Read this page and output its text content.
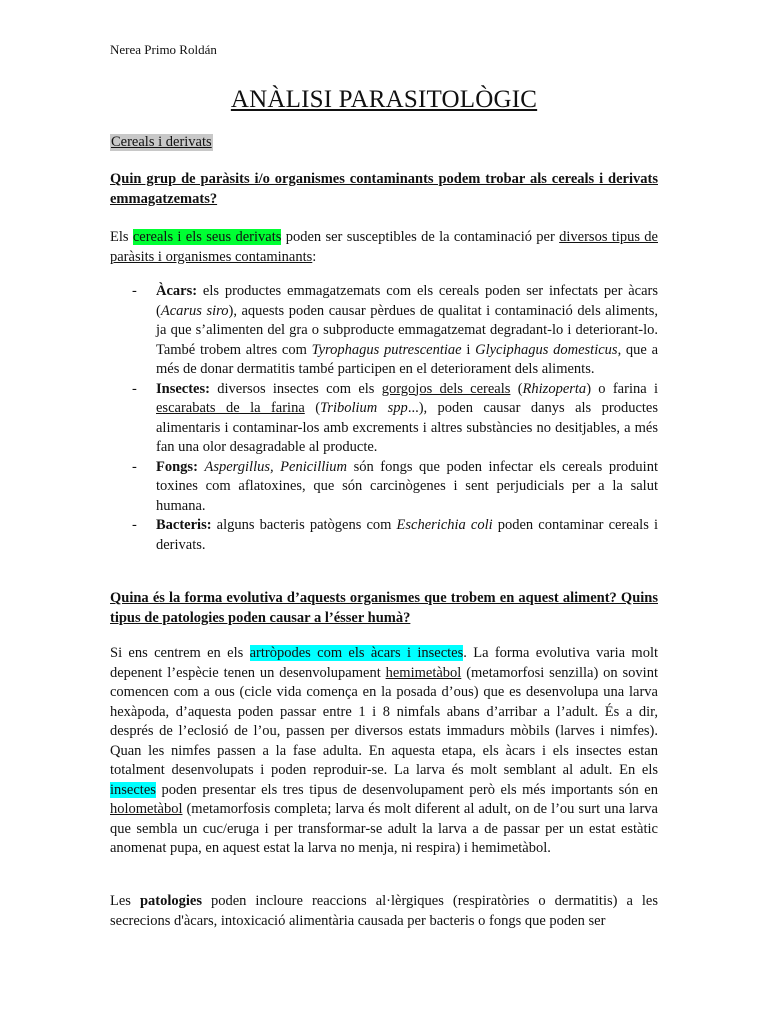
Nerea Primo Roldán
ANÀLISI PARASITOLÒGIC
Cereals i derivats
Quin grup de paràsits i/o organismes contaminants podem trobar als cereals i derivats emmagatzemats?
Els cereals i els seus derivats poden ser susceptibles de la contaminació per diversos tipus de paràsits i organismes contaminants:
- Àcars: els productes emmagatzemats com els cereals poden ser infectats per àcars (Acarus siro), aquests poden causar pèrdues de qualitat i contaminació dels aliments, ja que s’alimenten del gra o subproducte emmagatzemat degradant-lo i deteriorant-lo. També trobem altres com Tyrophagus putrescentiae i Glyciphagus domesticus, que a més de donar dermatitis també participen en el deteriorament dels aliments.
- Insectes: diversos insectes com els gorgojos dels cereals (Rhizoperta) o farina i escarabats de la farina (Tribolium spp...), poden causar danys als productes alimentaris i contaminar-los amb excrements i altres substàncies no desitjables, a més fan una olor desagradable al producte.
- Fongs: Aspergillus, Penicillium són fongs que poden infectar els cereals produint toxines com aflatoxines, que són carcinògenes i sent perjudicials per a la salut humana.
- Bacteris: alguns bacteris patògens com Escherichia coli poden contaminar cereals i derivats.
Quina és la forma evolutiva d’aquests organismes que trobem en aquest aliment? Quins tipus de patologies poden causar a l’ésser humà?
Si ens centrem en els artròpodes com els àcars i insectes. La forma evolutiva varia molt depenent l’espècie tenen un desenvolupament hemimetàbol (metamorfosi senzilla) on sovint comencen com a ous (cicle vida comença en la posada d’ous) que es desenvolupa una larva hexàpoda, d’aquesta poden passar entre 1 i 8 nimfals abans d’arribar a l’adult. És a dir, després de l’eclosió de l’ou, passen per diversos estats immadurs mòbils (larves i nimfes). Quan les nimfes passen a la fase adulta. En aquesta etapa, els àcars i els insectes estan totalment desenvolupats i poden reproduir-se. La larva és molt semblant al adult. En els insectes poden presentar els tres tipus de desenvolupament però els més importants són en holometàbol (metamorfosis completa; larva és molt diferent al adult, on de l’ou surt una larva que sembla un cuc/eruga i per transformar-se adult la larva a de passar per un estat estàtic anomenat pupa, en aquest estat la larva no menja, ni respira) i hemimetàbol.
Les patologies poden incloure reaccions al·lèrgiques (respiratòries o dermatitis) a les secrecions d'àcars, intoxicació alimentària causada per bacteris o fongs que poden ser
